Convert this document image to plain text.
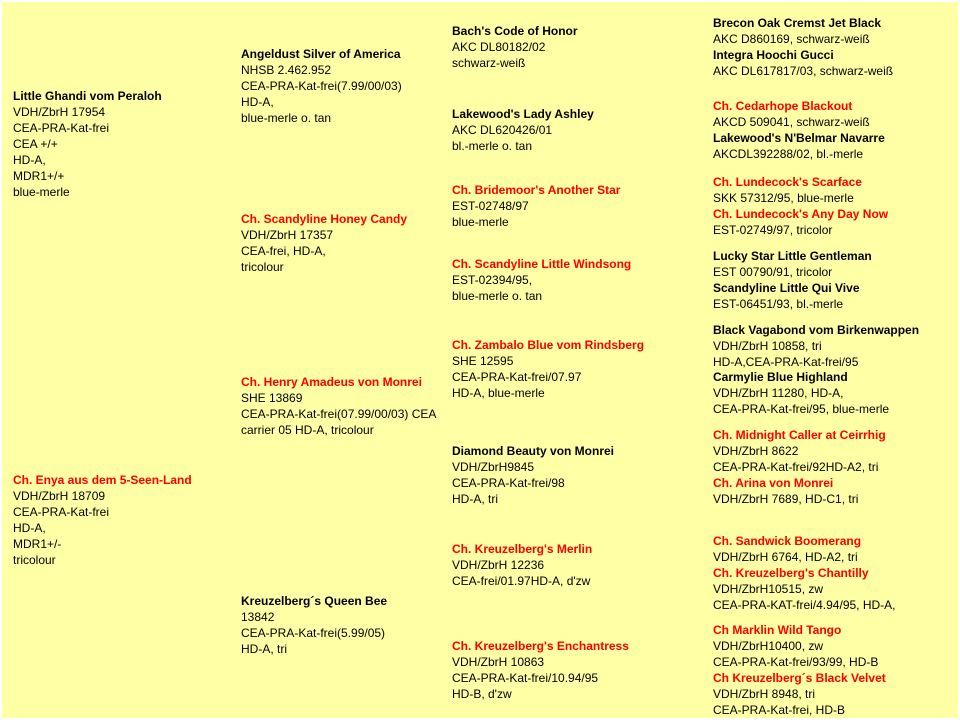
Little Ghandi vom Peraloh
VDH/ZbrH 17954
CEA-PRA-Kat-frei
CEA +/+
HD-A,
MDR1+/+
blue-merle
Ch. Enya aus dem 5-Seen-Land
VDH/ZbrH 18709
CEA-PRA-Kat-frei
HD-A,
MDR1+/-
tricolour
Angeldust Silver of America
NHSB 2.462.952
CEA-PRA-Kat-frei(7.99/00/03)
HD-A,
blue-merle o. tan
Ch. Scandyline Honey Candy
VDH/ZbrH 17357
CEA-frei, HD-A,
tricolour
Ch. Henry Amadeus von Monrei
SHE 13869
CEA-PRA-Kat-frei(07.99/00/03) CEA carrier 05 HD-A, tricolour
Kreuzelberg´s Queen Bee
13842
CEA-PRA-Kat-frei(5.99/05)
HD-A, tri
Bach's Code of Honor
AKC DL80182/02
schwarz-weiß
Lakewood's Lady Ashley
AKC DL620426/01
bl.-merle o. tan
Ch. Bridemoor's Another Star
EST-02748/97
blue-merle
Ch. Scandyline Little Windsong
EST-02394/95,
blue-merle o. tan
Ch. Zambalo Blue vom Rindsberg
SHE 12595
CEA-PRA-Kat-frei/07.97
HD-A, blue-merle
Diamond Beauty von Monrei
VDH/ZbrH9845
CEA-PRA-Kat-frei/98
HD-A, tri
Ch. Kreuzelberg's Merlin
VDH/ZbrH 12236
CEA-frei/01.97HD-A, d'zw
Ch. Kreuzelberg's Enchantress
VDH/ZbrH 10863
CEA-PRA-Kat-frei/10.94/95
HD-B, d'zw
Brecon Oak Cremst Jet Black
AKC D860169, schwarz-weiß
Integra Hoochi Gucci
AKC DL617817/03, schwarz-weiß
Ch. Cedarhope Blackout
AKCD 509041, schwarz-weiß
Lakewood's N'Belmar Navarre
AKCDL392288/02, bl.-merle
Ch. Lundecock's Scarface
SKK 57312/95, blue-merle
Ch. Lundecock's Any Day Now
EST-02749/97, tricolor
Lucky Star Little Gentleman
EST 00790/91, tricolor
Scandyline Little Qui Vive
EST-06451/93, bl.-merle
Black Vagabond vom Birkenwappen
VDH/ZbrH 10858, tri
HD-A,CEA-PRA-Kat-frei/95
Carmylie Blue Highland
VDH/ZbrH 11280, HD-A,
CEA-PRA-Kat-frei/95, blue-merle
Ch. Midnight Caller at Ceirrhig
VDH/ZbrH 8622
CEA-PRA-Kat-frei/92HD-A2, tri
Ch. Arina von Monrei
VDH/ZbrH 7689, HD-C1, tri
Ch. Sandwick Boomerang
VDH/ZbrH 6764, HD-A2, tri
Ch. Kreuzelberg's Chantilly
VDH/ZbrH10515, zw
CEA-PRA-KAT-frei/4.94/95, HD-A,
Ch Marklin Wild Tango
VDH/ZbrH10400, zw
CEA-PRA-Kat-frei/93/99, HD-B
Ch Kreuzelberg´s Black Velvet
VDH/ZbrH 8948, tri
CEA-PRA-Kat-frei, HD-B
